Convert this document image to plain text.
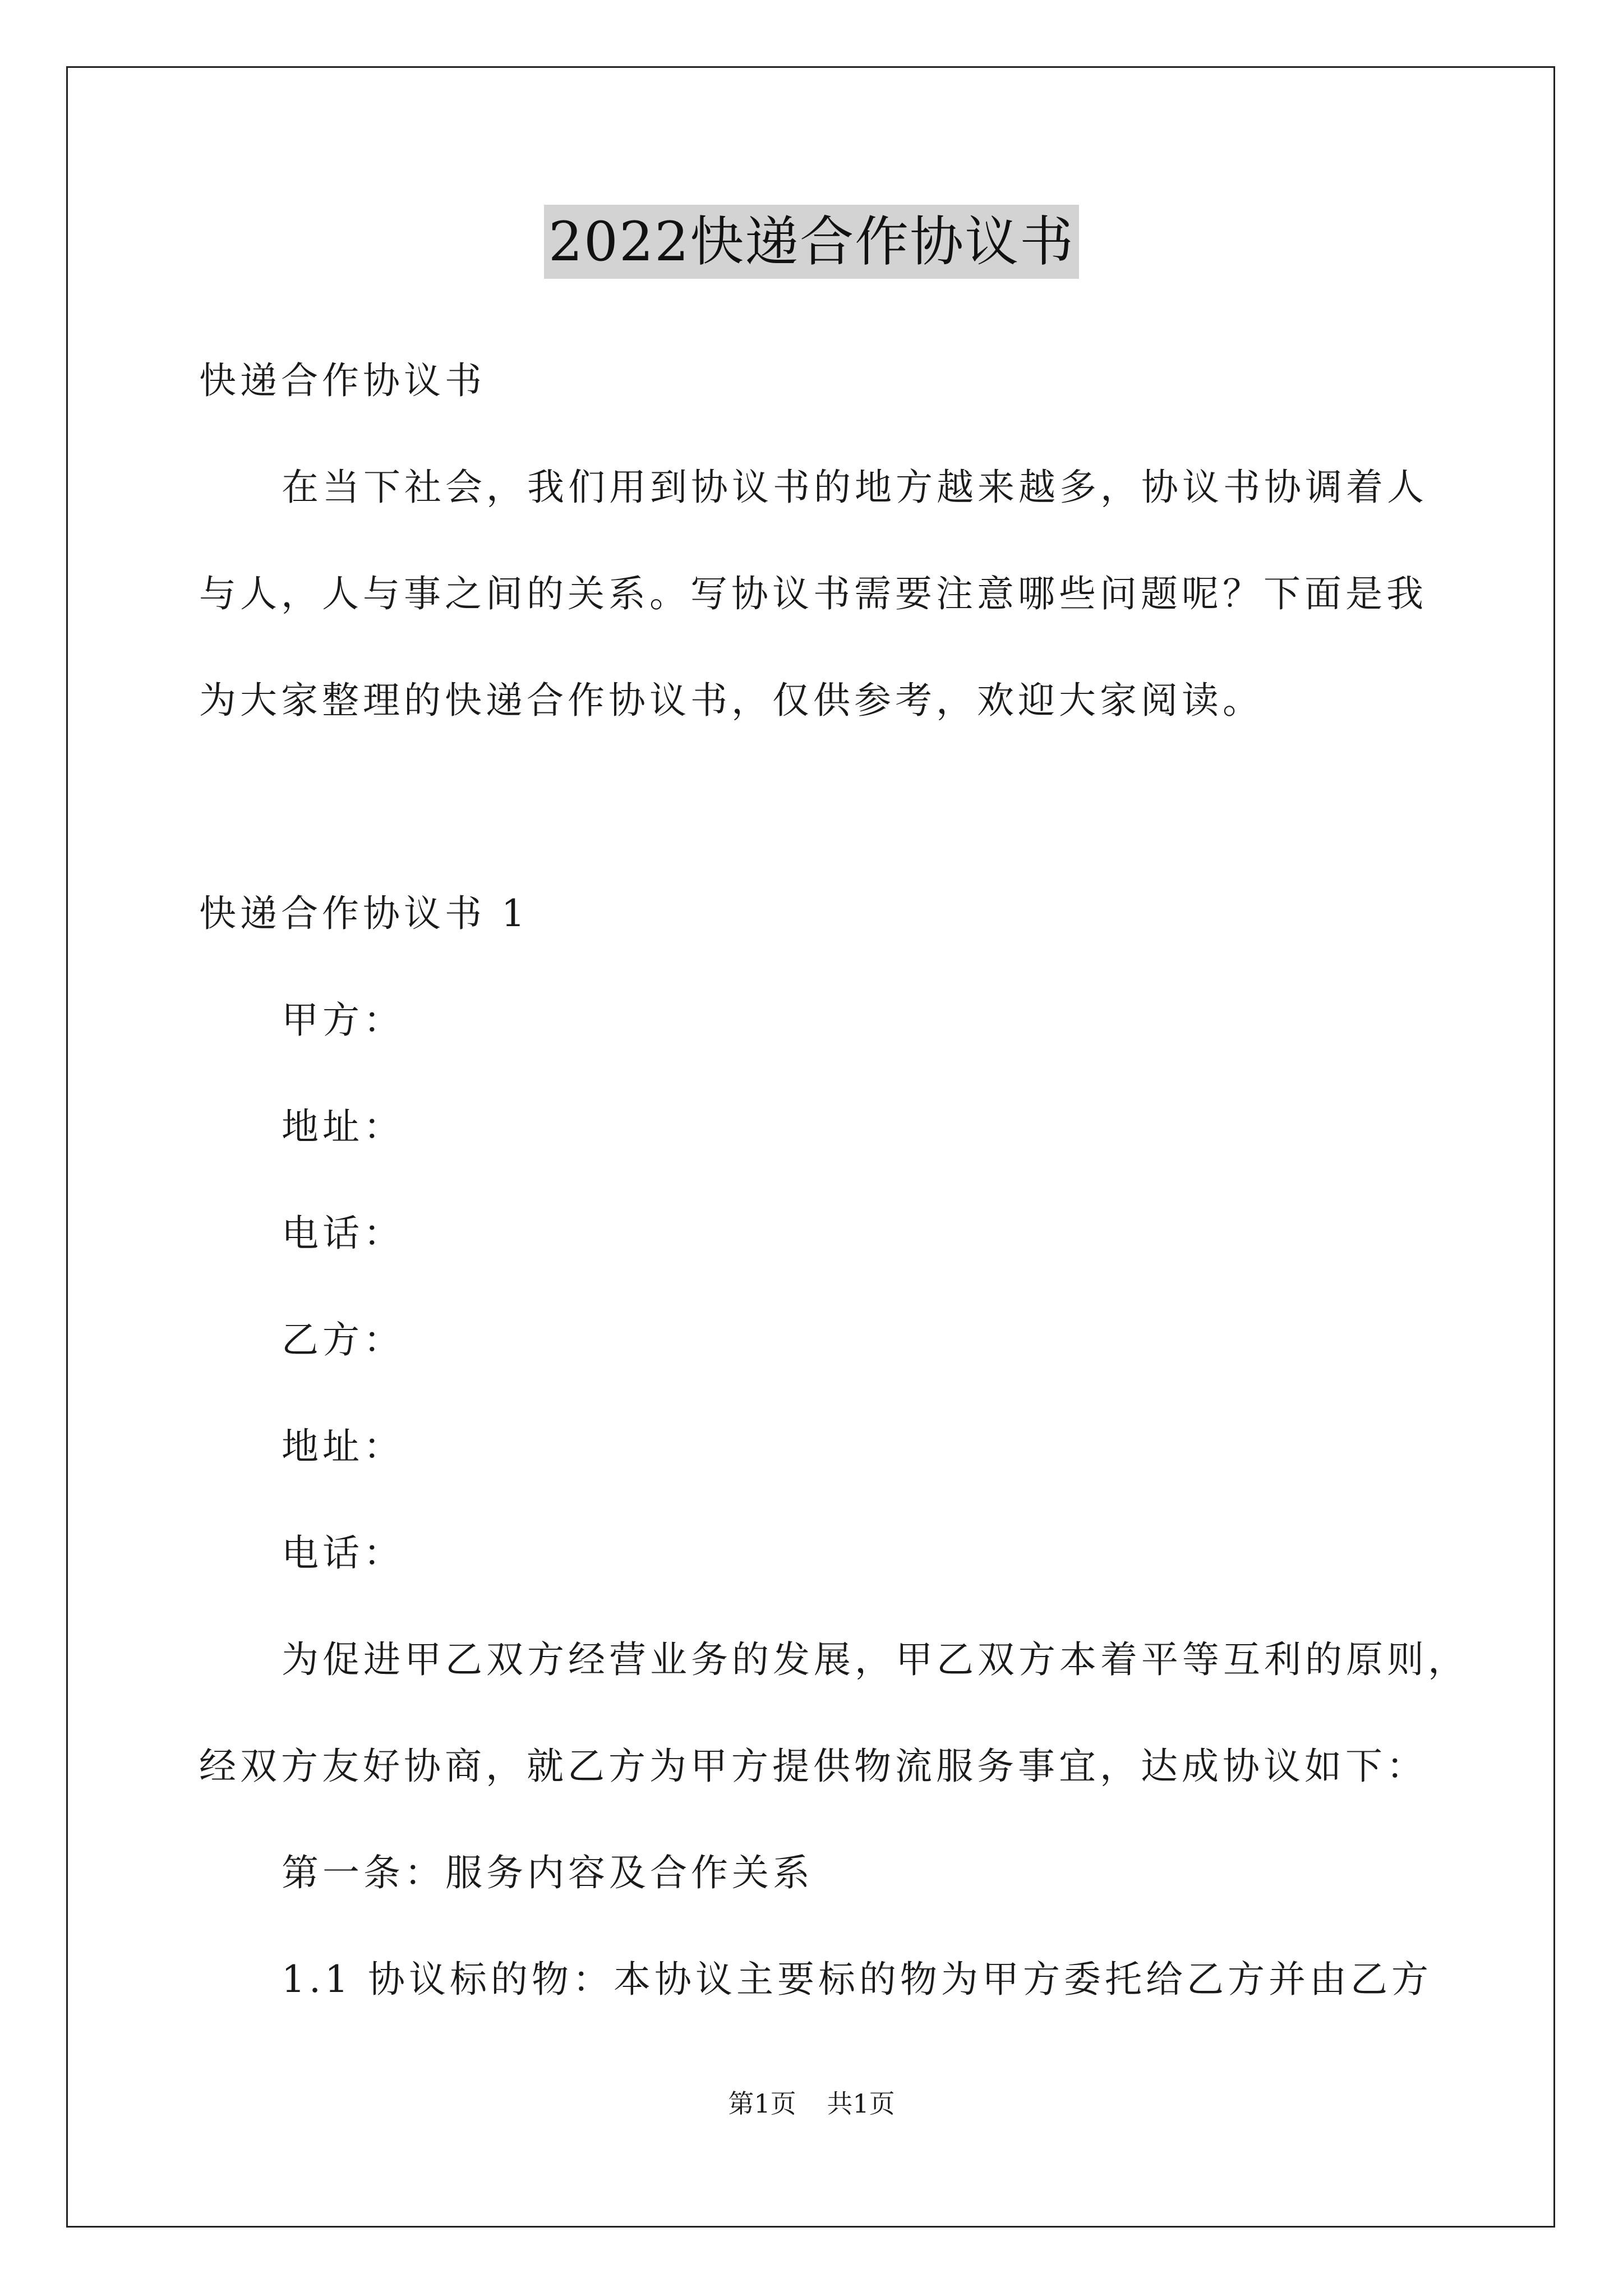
2022快递合作协议书
快递合作协议书
在当下社会，我们用到协议书的地方越来越多，协议书协调着人
与人，人与事之间的关系。写协议书需要注意哪些问题呢？下面是我
为大家整理的快递合作协议书，仅供参考，欢迎大家阅读。
快递合作协议书 1
甲方：
地址：
电话：
乙方：
地址：
电话：
为促进甲乙双方经营业务的发展，甲乙双方本着平等互利的原则，
经双方友好协商，就乙方为甲方提供物流服务事宜，达成协议如下：
第一条：服务内容及合作关系
1.1 协议标的物：本协议主要标的物为甲方委托给乙方并由乙方
第1页 共1页
